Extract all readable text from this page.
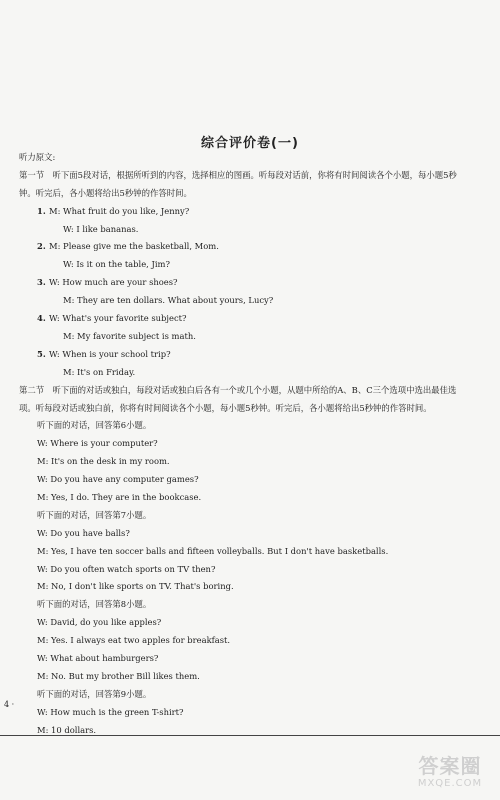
综合评价卷(一)
听力原文:
第一节　听下面5段对话，根据所听到的内容，选择相应的图画。听每段对话前，你将有时间阅读各个小题，每小题5秒钟。听完后，各小题将给出5秒钟的作答时间。
1. M: What fruit do you like, Jenny?
W: I like bananas.
2. M: Please give me the basketball, Mom.
W: Is it on the table, Jim?
3. W: How much are your shoes?
M: They are ten dollars. What about yours, Lucy?
4. W: What's your favorite subject?
M: My favorite subject is math.
5. W: When is your school trip?
M: It's on Friday.
第二节　听下面的对话或独白，每段对话或独白后各有一个或几个小题，从题中所给的A、B、C三个选项中选出最佳选项。听每段对话或独白前，你将有时间阅读各个小题，每小题5秒钟。听完后，各小题将给出5秒钟的作答时间。
听下面的对话，回答第6小题。
W: Where is your computer?
M: It's on the desk in my room.
W: Do you have any computer games?
M: Yes, I do. They are in the bookcase.
听下面的对话，回答第7小题。
W: Do you have balls?
M: Yes, I have ten soccer balls and fifteen volleyballs. But I don't have basketballs.
W: Do you often watch sports on TV then?
M: No, I don't like sports on TV. That's boring.
听下面的对话，回答第8小题。
W: David, do you like apples?
M: Yes. I always eat two apples for breakfast.
W: What about hamburgers?
M: No. But my brother Bill likes them.
听下面的对话，回答第9小题。
W: How much is the green T-shirt?
M: 10 dollars.
4 ·
答案圈
MXQE.COM
